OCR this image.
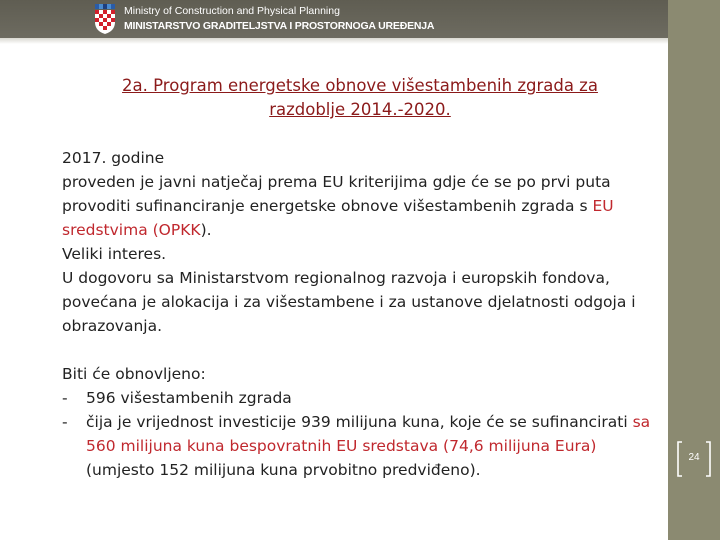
Ministry of Construction and Physical Planning
MINISTARSTVO GRADITELJSTVA I PROSTORNOGA UREĐENJA
24
2a. Program energetske obnove višestambenih zgrada za
razdoblje 2014.-2020.

2017. godine

proveden je javni natječaj prema EU kriterijima gdje će se po prvi puta provoditi sufinanciranje energetske obnove višestambenih zgrada s EU sredstvima (OPKK).

Veliki interes.

U dogovoru sa Ministarstvom regionalnog razvoja i europskih fondova, povećana je alokacija i za višestambene i za ustanove djelatnosti odgoja i obrazovanja.

Biti će obnovljeno:
- 596 višestambenih zgrada
- čija je vrijednost investicije 939 milijuna kuna, koje će se sufinancirati sa 560 milijuna kuna bespovratnih EU sredstava (74,6 milijuna Eura) (umjesto 152 milijuna kuna prvobitno predviđeno).
